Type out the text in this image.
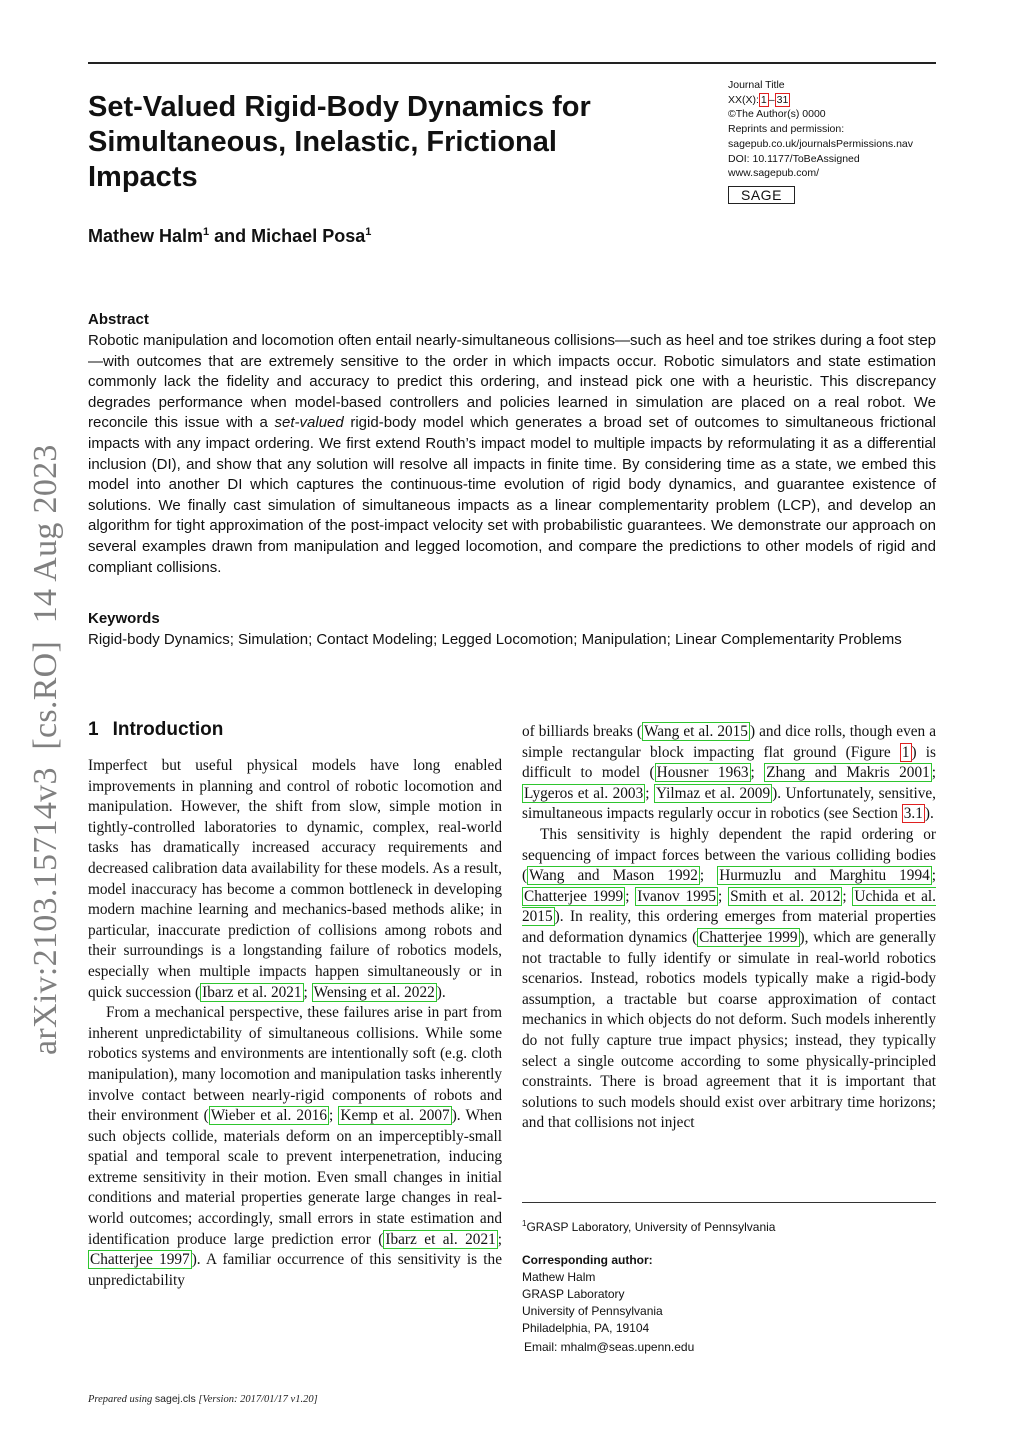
Set-Valued Rigid-Body Dynamics for Simultaneous, Inelastic, Frictional Impacts
Journal Title
XX(X): 1 – 31
©The Author(s) 0000
Reprints and permission:
sagepub.co.uk/journalsPermissions.nav
DOI: 10.1177/ToBeAssigned
www.sagepub.com/
SAGE
Mathew Halm$^1$ and Michael Posa$^1$
Abstract
Robotic manipulation and locomotion often entail nearly-simultaneous collisions—such as heel and toe strikes during a foot step—with outcomes that are extremely sensitive to the order in which impacts occur. Robotic simulators and state estimation commonly lack the fidelity and accuracy to predict this ordering, and instead pick one with a heuristic. This discrepancy degrades performance when model-based controllers and policies learned in simulation are placed on a real robot. We reconcile this issue with a set-valued rigid-body model which generates a broad set of outcomes to simultaneous frictional impacts with any impact ordering. We first extend Routh’s impact model to multiple impacts by reformulating it as a differential inclusion (DI), and show that any solution will resolve all impacts in finite time. By considering time as a state, we embed this model into another DI which captures the continuous-time evolution of rigid body dynamics, and guarantee existence of solutions. We finally cast simulation of simultaneous impacts as a linear complementarity problem (LCP), and develop an algorithm for tight approximation of the post-impact velocity set with probabilistic guarantees. We demonstrate our approach on several examples drawn from manipulation and legged locomotion, and compare the predictions to other models of rigid and compliant collisions.
Keywords
Rigid-body Dynamics; Simulation; Contact Modeling; Legged Locomotion; Manipulation; Linear Complementarity Problems
arXiv:2103.15714v3  [cs.RO]  14 Aug 2023 1 Introduction

Imperfect but useful physical models have long enabled improvements in planning and control of robotic locomotion and manipulation. However, the shift from slow, simple motion in tightly-controlled laboratories to dynamic, complex, real-world tasks has dramatically increased accuracy requirements and decreased calibration data availability for these models. As a result, model inaccuracy has become a common bottleneck in developing modern machine learning and mechanics-based methods alike; in particular, inaccurate prediction of collisions among robots and their surroundings is a longstanding failure of robotics models, especially when multiple impacts happen simultaneously or in quick succession ( Ibarz et al. 2021 ; Wensing et al. 2022 ).

From a mechanical perspective, these failures arise in part from inherent unpredictability of simultaneous collisions. While some robotics systems and environments are intentionally soft (e.g. cloth manipulation), many locomotion and manipulation tasks inherently involve contact between nearly-rigid components of robots and their environment ( Wieber et al. 2016 ; Kemp et al. 2007 ). When such objects collide, materials deform on an imperceptibly-small spatial and temporal scale to prevent interpenetration, inducing extreme sensitivity in their motion. Even small changes in initial conditions and material properties generate large changes in real-world outcomes; accordingly, small errors in state estimation and identification produce large prediction error ( Ibarz et al. 2021 ; Chatterjee 1997 ). A familiar occurrence of this sensitivity is the unpredictability

of billiards breaks ( Wang et al. 2015 ) and dice rolls, though even a simple rectangular block impacting flat ground (Figure 1 ) is difficult to model ( Housner 1963 ; Zhang and Makris 2001 ; Lygeros et al. 2003 ; Yilmaz et al. 2009 ). Unfortunately, sensitive, simultaneous impacts regularly occur in robotics (see Section 3.1 ).

This sensitivity is highly dependent the rapid ordering or sequencing of impact forces between the various colliding bodies ( Wang and Mason 1992 ; Hurmuzlu and Marghitu 1994 ; Chatterjee 1999 ; Ivanov 1995 ; Smith et al. 2012 ; Uchida et al. 2015 ). In reality, this ordering emerges from material properties and deformation dynamics ( Chatterjee 1999 ), which are generally not tractable to fully identify or simulate in real-world robotics scenarios. Instead, robotics models typically make a rigid-body assumption, a tractable but coarse approximation of contact mechanics in which objects do not deform. Such models inherently do not fully capture true impact physics; instead, they typically select a single outcome according to some physically-principled constraints. There is broad agreement that it is important that solutions to such models should exist over arbitrary time horizons; and that collisions not inject

$^1$GRASP Laboratory, University of Pennsylvania
Corresponding author:
Mathew Halm
GRASP Laboratory
University of Pennsylvania
Philadelphia, PA, 19104
Email: mhalm@seas.upenn.edu
Prepared using sagej.cls [Version: 2017/01/17 v1.20]
